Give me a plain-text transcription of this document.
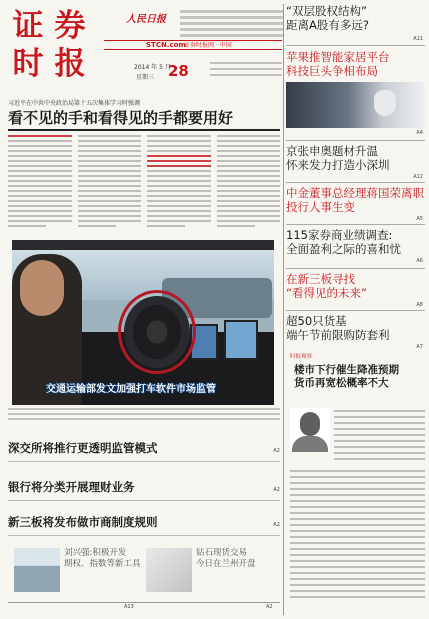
证 券
时 报
人民日报
STCN.com
证券时报网 · 中国
2014 年 5 月
星期三 28
习近平在中共中央政治局第十五次集体学习时强调
看不见的手和看得见的手都要用好
交通运输部发文加强打车软件市场监管
深交所将推行更透明监管模式	A2
银行将分类开展理财业务	A2
新三板将发布做市商制度规则	A2
刘兴强:积极开发
期权、指数等新工具
钻石现货交易
今日在兰州开盘
A13	A2
“双层股权结构”
距离A股有多远?
A11
苹果推智能家居平台
科技巨头争相布局
A4
京张申奥题材升温
怀来发力打造小深圳
A12
中金董事总经理蒋国荣离职
投行人事生变
A5
115家券商业绩调查:
全面盈利之际的喜和忧
A6
在新三板寻找
“看得见的未来”
A8
超50只货基
端午节前限购防套利
A7
时报观察
楼市下行催生降准预期
货币再宽松概率不大
